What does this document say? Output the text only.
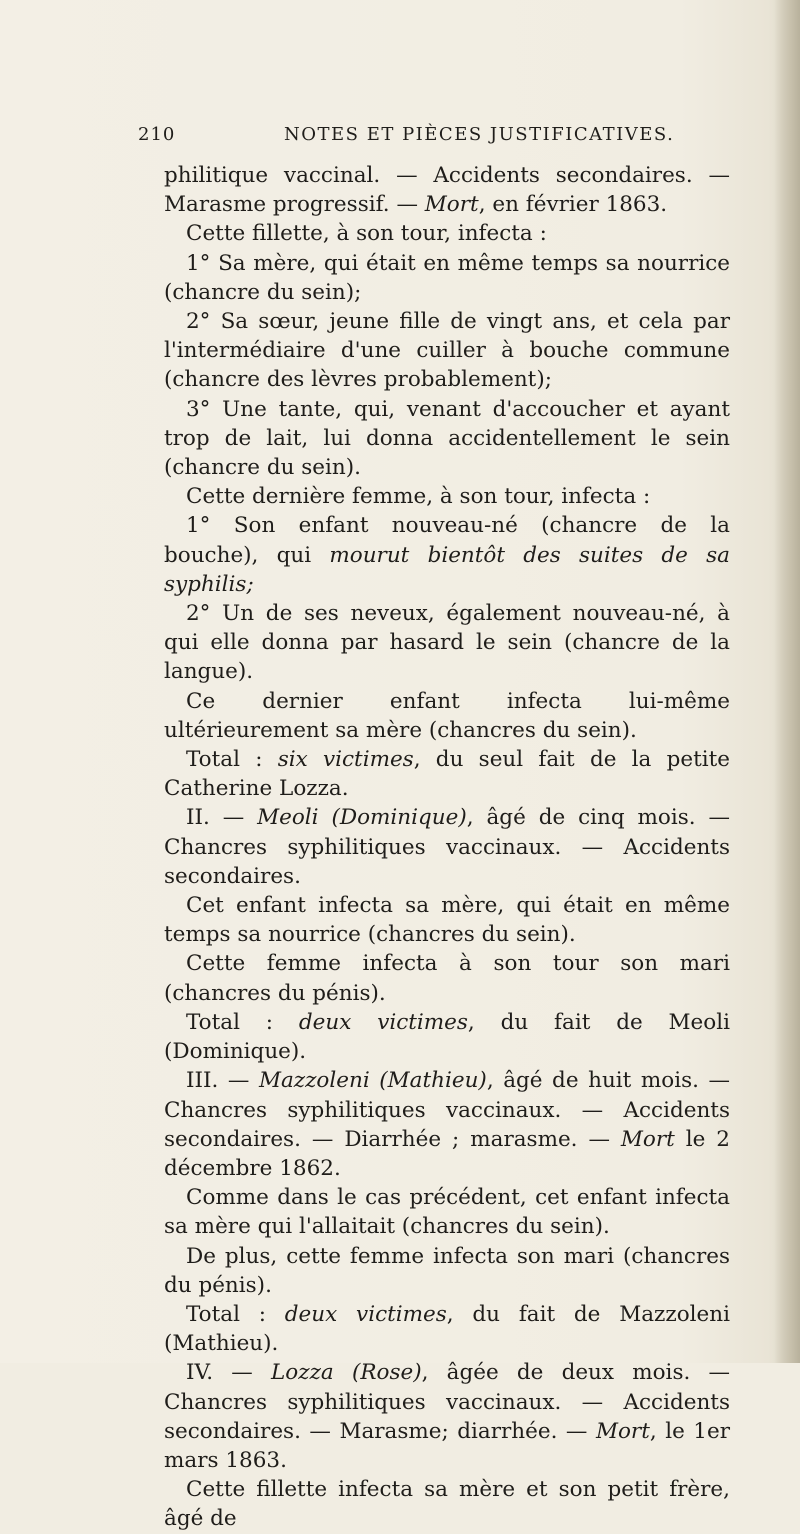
210	NOTES ET PIÈCES JUSTIFICATIVES.

philitique vaccinal. — Accidents secondaires. — Marasme progressif. — Mort, en février 1863.

Cette fillette, à son tour, infecta :

1° Sa mère, qui était en même temps sa nourrice (chancre du sein);

2° Sa sœur, jeune fille de vingt ans, et cela par l'intermédiaire d'une cuiller à bouche commune (chancre des lèvres probablement);

3° Une tante, qui, venant d'accoucher et ayant trop de lait, lui donna accidentellement le sein (chancre du sein).

Cette dernière femme, à son tour, infecta :

1° Son enfant nouveau-né (chancre de la bouche), qui mourut bientôt des suites de sa syphilis;

2° Un de ses neveux, également nouveau-né, à qui elle donna par hasard le sein (chancre de la langue).

Ce dernier enfant infecta lui-même ultérieurement sa mère (chancres du sein).

Total : six victimes, du seul fait de la petite Catherine Lozza.

II. — Meoli (Dominique), âgé de cinq mois. — Chancres syphilitiques vaccinaux. — Accidents secondaires.

Cet enfant infecta sa mère, qui était en même temps sa nourrice (chancres du sein).

Cette femme infecta à son tour son mari (chancres du pénis).

Total : deux victimes, du fait de Meoli (Dominique).

III. — Mazzoleni (Mathieu), âgé de huit mois. — Chancres syphilitiques vaccinaux. — Accidents secondaires. — Diarrhée ; marasme. — Mort le 2 décembre 1862.

Comme dans le cas précédent, cet enfant infecta sa mère qui l'allaitait (chancres du sein).

De plus, cette femme infecta son mari (chancres du pénis).

Total : deux victimes, du fait de Mazzoleni (Mathieu).

IV. — Lozza (Rose), âgée de deux mois. — Chancres syphilitiques vaccinaux. — Accidents secondaires. — Marasme; diarrhée. — Mort, le 1er mars 1863.

Cette fillette infecta sa mère et son petit frère, âgé de
